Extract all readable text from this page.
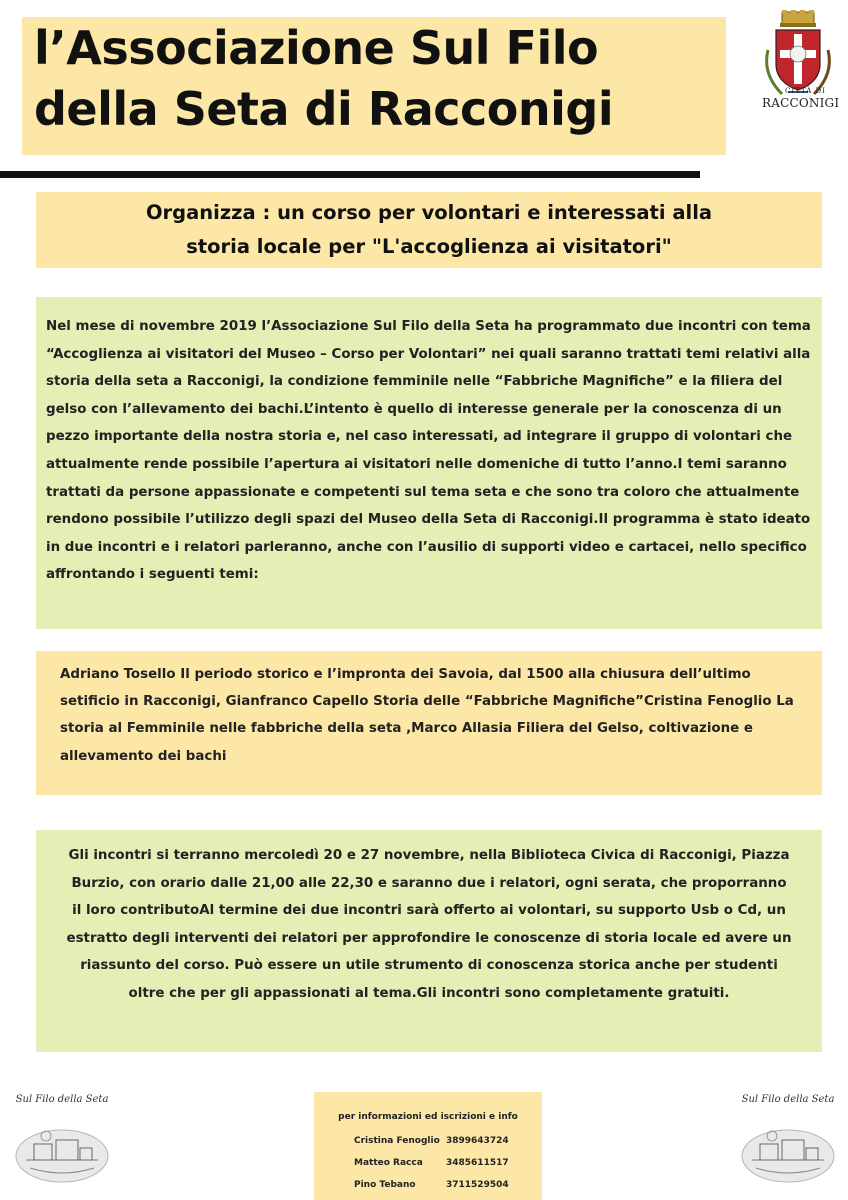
l’Associazione Sul Filo
della Seta di Racconigi	CITTÀ DI
RACCONIGI
Organizza : un corso per volontari e interessati alla
storia locale per "L'accoglienza ai visitatori"
Nel mese di novembre 2019 l’Associazione Sul Filo della Seta ha programmato due incontri con tema “Accoglienza ai visitatori del Museo – Corso per Volontari” nei quali saranno trattati temi relativi alla storia della seta a Racconigi, la condizione femminile nelle “Fabbriche Magnifiche” e la filiera del gelso con l’allevamento dei bachi.L’intento è quello di interesse generale per la conoscenza di un pezzo importante della nostra storia e, nel caso interessati, ad integrare il gruppo di volontari che attualmente rende possibile l’apertura ai visitatori nelle domeniche di tutto l’anno.I temi saranno trattati da persone appassionate e competenti sul tema seta e che sono tra coloro che attualmente rendono possibile l’utilizzo degli spazi del Museo della Seta di Racconigi.Il programma è stato ideato in due incontri e i relatori parleranno, anche con l’ausilio di supporti video e cartacei, nello specifico affrontando i seguenti temi:
Adriano Tosello Il periodo storico e l’impronta dei Savoia, dal 1500 alla chiusura dell’ultimo setificio in Racconigi, Gianfranco Capello Storia delle “Fabbriche Magnifiche”Cristina Fenoglio La storia al Femminile nelle fabbriche della seta ,Marco Allasia Filiera del Gelso, coltivazione e allevamento dei bachi
Gli incontri si terranno mercoledì 20 e 27 novembre, nella Biblioteca Civica di Racconigi, Piazza Burzio, con orario dalle 21,00 alle 22,30 e saranno due i relatori, ogni serata, che proporranno il loro contributoAl termine dei due incontri sarà offerto ai volontari, su supporto Usb o Cd, un estratto degli interventi dei relatori per approfondire le conoscenze di storia locale ed avere un riassunto del corso. Può essere un utile strumento di conoscenza storica anche per studenti oltre che per gli appassionati al tema.Gli incontri sono completamente gratuiti.
Sul Filo della Seta
per informazioni ed iscrizioni e info
Cristina Fenoglio 3899643724
Matteo Racca	3485611517
Pino Tebano	3711529504
Sul Filo della Seta
